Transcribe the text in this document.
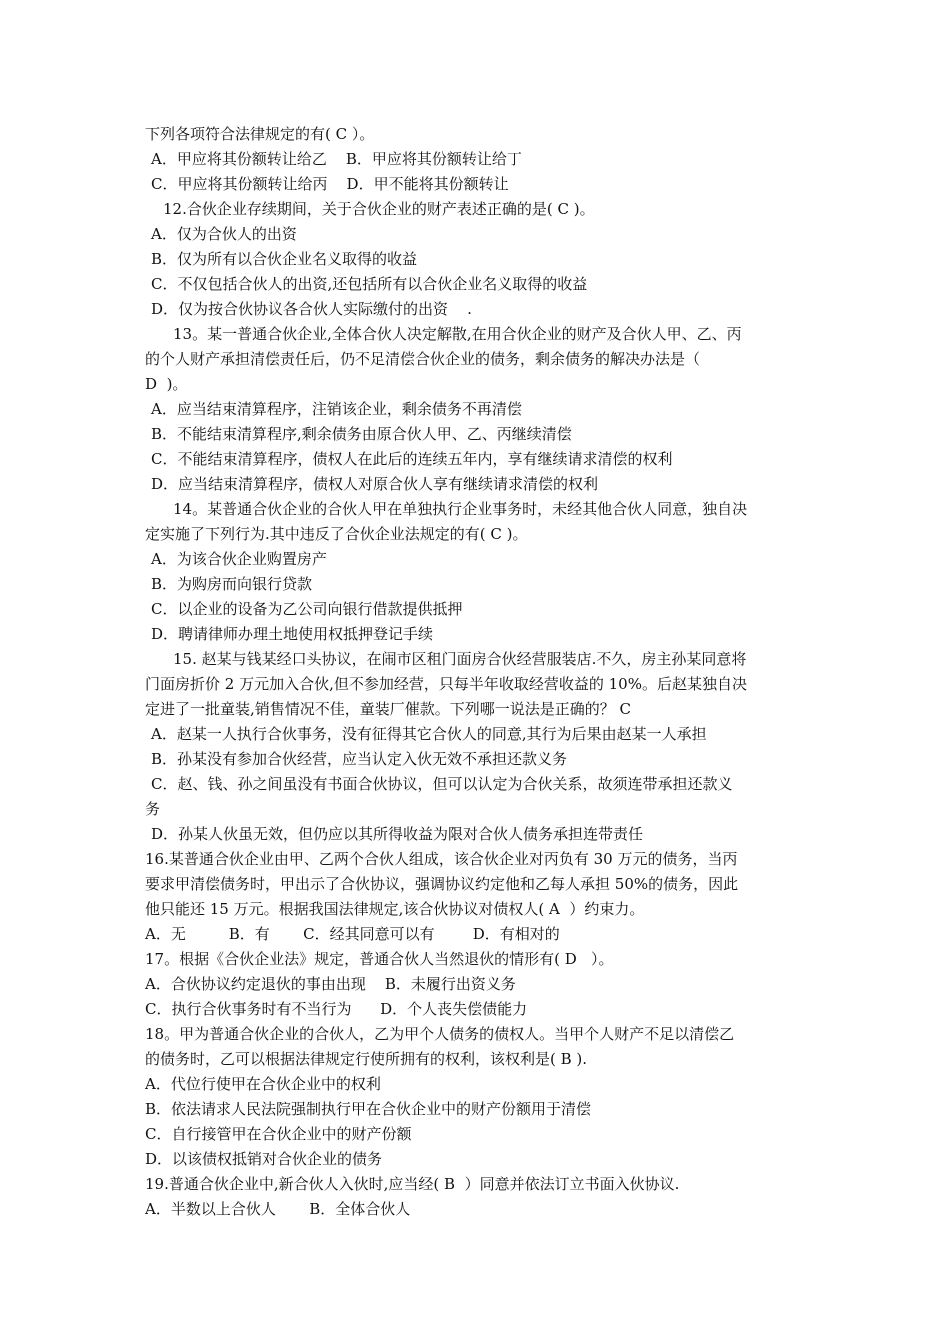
下列各项符合法律规定的有( C ）。
A．甲应将其份额转让给乙    B．甲应将其份额转让给丁
C．甲应将其份额转让给丙    D．甲不能将其份额转让
12.合伙企业存续期间，关于合伙企业的财产表述正确的是( C )。
A．仅为合伙人的出资
B．仅为所有以合伙企业名义取得的收益
C．不仅包括合伙人的出资,还包括所有以合伙企业名义取得的收益
D．仅为按合伙协议各合伙人实际缴付的出资    .
13。某一普通合伙企业,全体合伙人决定解散,在用合伙企业的财产及合伙人甲、乙、丙
的个人财产承担清偿责任后，仍不足清偿合伙企业的债务，剩余债务的解决办法是（
D  )。
A．应当结束清算程序，注销该企业，剩余债务不再清偿
B．不能结束清算程序,剩余债务由原合伙人甲、乙、丙继续清偿
C．不能结束清算程序，债权人在此后的连续五年内，享有继续请求清偿的权利
D．应当结束清算程序，债权人对原合伙人享有继续请求清偿的权利
14。某普通合伙企业的合伙人甲在单独执行企业事务时，未经其他合伙人同意，独自决
定实施了下列行为.其中违反了合伙企业法规定的有( C )。
A．为该合伙企业购置房产
B．为购房而向银行贷款
C．以企业的设备为乙公司向银行借款提供抵押
D．聘请律师办理土地使用权抵押登记手续
15. 赵某与钱某经口头协议，在闹市区租门面房合伙经营服装店.不久，房主孙某同意将
门面房折价 2 万元加入合伙,但不参加经营，只每半年收取经营收益的 10%。后赵某独自决
定进了一批童装,销售情况不佳，童装厂催款。下列哪一说法是正确的？ C
A．赵某一人执行合伙事务，没有征得其它合伙人的同意,其行为后果由赵某一人承担
B．孙某没有参加合伙经营，应当认定入伙无效不承担还款义务
C．赵、钱、孙之间虽没有书面合伙协议，但可以认定为合伙关系，故须连带承担还款义
务
D．孙某人伙虽无效，但仍应以其所得收益为限对合伙人债务承担连带责任
16.某普通合伙企业由甲、乙两个合伙人组成，该合伙企业对丙负有 30 万元的债务，当丙
要求甲清偿债务时，甲出示了合伙协议，强调协议约定他和乙每人承担 50%的债务，因此
他只能还 15 万元。根据我国法律规定,该合伙协议对债权人( A  ）约束力。
A．无         B．有       C．经其同意可以有        D．有相对的
17。根据《合伙企业法》规定，普通合伙人当然退伙的情形有( D   ）。
A．合伙协议约定退伙的事由出现    B．未履行出资义务
C．执行合伙事务时有不当行为      D．个人丧失偿债能力
18。甲为普通合伙企业的合伙人，乙为甲个人债务的债权人。当甲个人财产不足以清偿乙
的债务时，乙可以根据法律规定行使所拥有的权利，该权利是( B ).
A．代位行使甲在合伙企业中的权利
B．依法请求人民法院强制执行甲在合伙企业中的财产份额用于清偿
C．自行接管甲在合伙企业中的财产份额
D．以该债权抵销对合伙企业的债务
19.普通合伙企业中,新合伙人入伙时,应当经( B  ）同意并依法订立书面入伙协议.
A．半数以上合伙人       B．全体合伙人
